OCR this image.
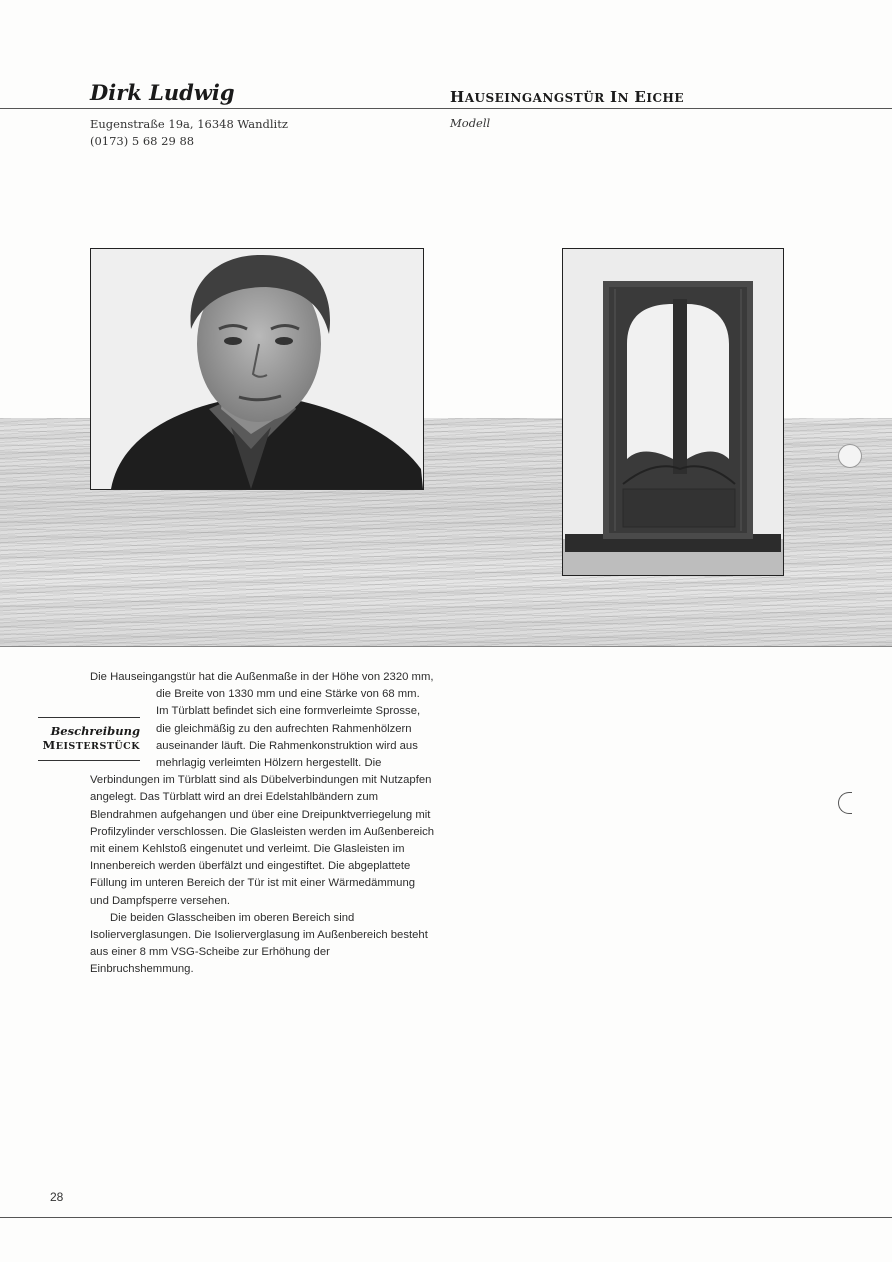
Dirk Ludwig	HAUSEINGANGSTÜR IN EICHE
Eugenstraße 19a, 16348 Wandlitz
(0173) 5 68 29 88
Modell
Beschreibung
MEISTERSTÜCK

Die Hauseingangstür hat die Außenmaße in der Höhe von 2320 mm, die Breite von 1330 mm und eine Stärke von 68 mm. Im Türblatt befindet sich eine formverleimte Sprosse, die gleichmäßig zu den aufrechten Rahmenhölzern auseinander läuft. Die Rahmenkonstruktion wird aus mehrlagig verleimten Hölzern hergestellt. Die Verbindungen im Türblatt sind als Dübelverbindungen mit Nutzapfen angelegt. Das Türblatt wird an drei Edelstahlbändern zum Blendrahmen aufgehangen und über eine Dreipunktverriegelung mit Profilzylinder verschlossen. Die Glasleisten werden im Außenbereich mit einem Kehlstoß eingenutet und verleimt. Die Glasleisten im Innenbereich werden überfälzt und eingestiftet. Die abgeplattete Füllung im unteren Bereich der Tür ist mit einer Wärmedämmung und Dampfsperre versehen.

Die beiden Glasscheiben im oberen Bereich sind Isolierverglasungen. Die Isolierverglasung im Außenbereich besteht aus einer 8 mm VSG-Scheibe zur Erhöhung der Einbruchshemmung.

28
